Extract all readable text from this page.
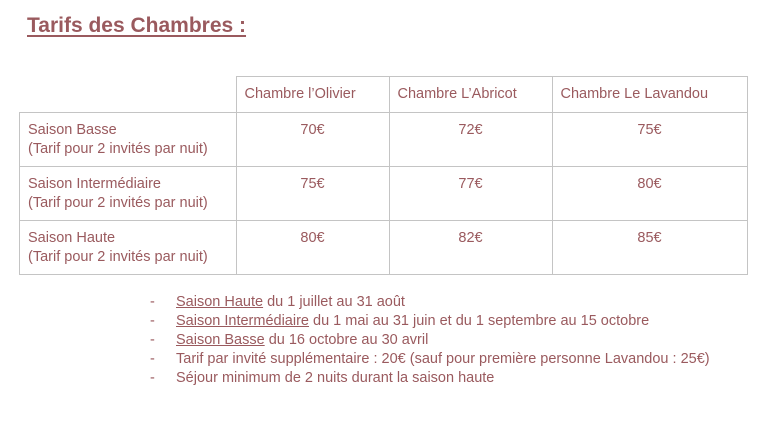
Tarifs des Chambres :
	Chambre l’Olivier	Chambre L’Abricot	Chambre Le Lavandou

Saison Basse
(Tarif pour 2 invités par nuit)	70€	72€	75€

Saison Intermédiaire
(Tarif pour 2 invités par nuit)	75€	77€	80€

Saison Haute
(Tarif pour 2 invités par nuit)	80€	82€	85€
- Saison Haute du 1 juillet au 31 août
- Saison Intermédiaire du 1 mai au 31 juin et du 1 septembre au 15 octobre
- Saison Basse du 16 octobre au 30 avril
- Tarif par invité supplémentaire : 20€ (sauf pour première personne Lavandou : 25€)
- Séjour minimum de 2 nuits durant la saison haute
